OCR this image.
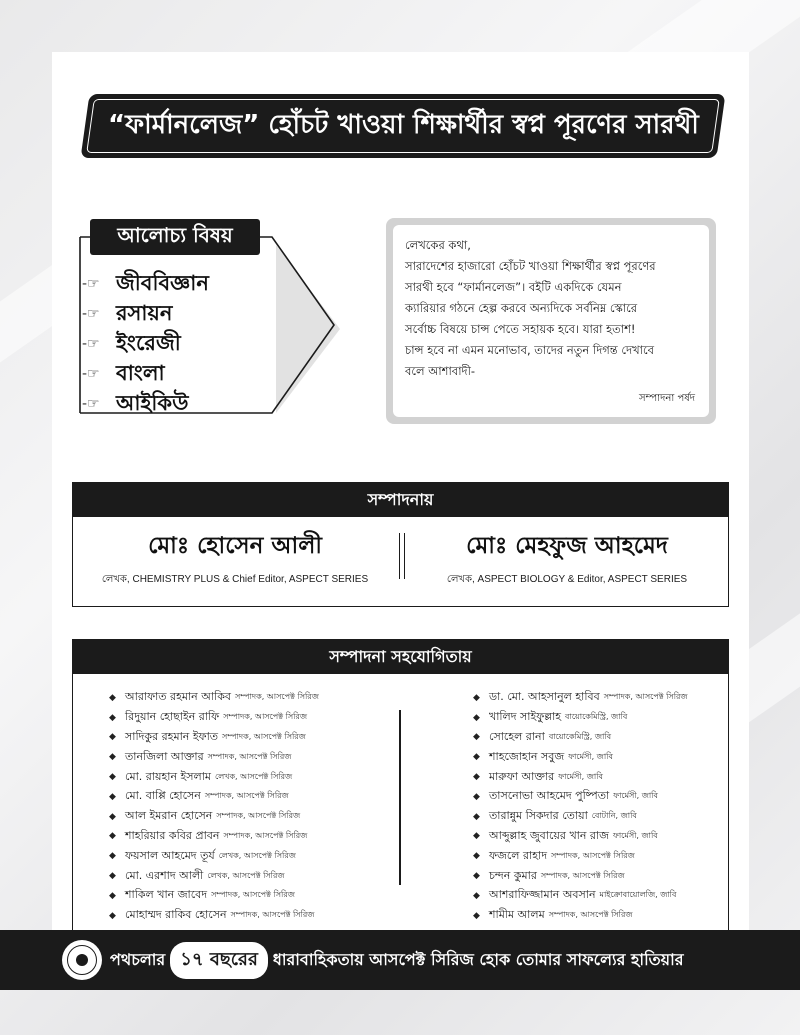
“ফার্মানলেজ” হোঁচট খাওয়া শিক্ষার্থীর স্বপ্ন পূরণের সারথী
আলোচ্য বিষয়
-☞ জীববিজ্ঞান
-☞ রসায়ন
-☞ ইংরেজী
-☞ বাংলা
-☞ আইকিউ
লেখকের কথা,
সারাদেশের হাজারো হোঁচট খাওয়া শিক্ষার্থীর স্বপ্ন পূরণের
সারথী হবে “ফার্মানলেজ”। বইটি একদিকে যেমন
ক্যারিয়ার গঠনে হেল্প করবে অন্যদিকে সর্বনিম্ন স্কোরে
সর্বোচ্চ বিষয়ে চান্স পেতে সহায়ক হবে। যারা হতাশ!
চান্স হবে না এমন মনোভাব, তাদের নতুন দিগন্ত দেখাবে
বলে আশাবাদী-
সম্পাদনা পর্ষদ
সম্পাদনায়
মোঃ হোসেন আলী
লেখক, CHEMISTRY PLUS & Chief Editor, ASPECT SERIES
মোঃ মেহফুজ আহমেদ
লেখক, ASPECT BIOLOGY & Editor, ASPECT SERIES
সম্পাদনা সহযোগিতায়
◆ আরাফাত রহমান আকিব সম্পাদক, আসপেক্ট সিরিজ
◆ রিদুয়ান হোছাইন রাফি সম্পাদক, আসপেক্ট সিরিজ
◆ সাদিকুর রহমান ইফাত সম্পাদক, আসপেক্ট সিরিজ
◆ তানজিলা আক্তার সম্পাদক, আসপেক্ট সিরিজ
◆ মো. রায়হান ইসলাম লেখক, আসপেক্ট সিরিজ
◆ মো. বাপ্পি হোসেন সম্পাদক, আসপেক্ট সিরিজ
◆ আল ইমরান হোসেন সম্পাদক, আসপেক্ট সিরিজ
◆ শাহরিয়ার কবির প্রাবন সম্পাদক, আসপেক্ট সিরিজ
◆ ফয়সাল আহমেদ তূর্য লেখক, আসপেক্ট সিরিজ
◆ মো. এরশাদ আলী লেখক, আসপেক্ট সিরিজ
◆ শাকিল খান জাবেদ সম্পাদক, আসপেক্ট সিরিজ
◆ মোহাম্মদ রাকিব হোসেন সম্পাদক, আসপেক্ট সিরিজ
◆ ডা. মো. আহসানুল হাবিব সম্পাদক, আসপেক্ট সিরিজ
◆ খালিদ সাইফুল্লাহ বায়োকেমিস্ট্রি, জাবি
◆ সোহেল রানা বায়োকেমিস্ট্রি, জাবি
◆ শাহজোহান সবুজ ফার্মেসী, জাবি
◆ মারুফা আক্তার ফার্মেসী, জাবি
◆ তাসনোভা আহমেদ পুষ্পিতা ফার্মেসী, জাবি
◆ তারান্নুম সিকদার তোয়া বোটানি, জাবি
◆ আব্দুল্লাহ জুবায়ের খান রাজ ফার্মেসী, জাবি
◆ ফজলে রাহাদ সম্পাদক, আসপেক্ট সিরিজ
◆ চন্দন কুমার সম্পাদক, আসপেক্ট সিরিজ
◆ আশরাফিজ্জামান অবসান মাইক্রোবায়োলজি, জাবি
◆ শামীম আলম সম্পাদক, আসপেক্ট সিরিজ
পথচলার ১৭ বছরের ধারাবাহিকতায় আসপেক্ট সিরিজ হোক তোমার সাফল্যের হাতিয়ার
